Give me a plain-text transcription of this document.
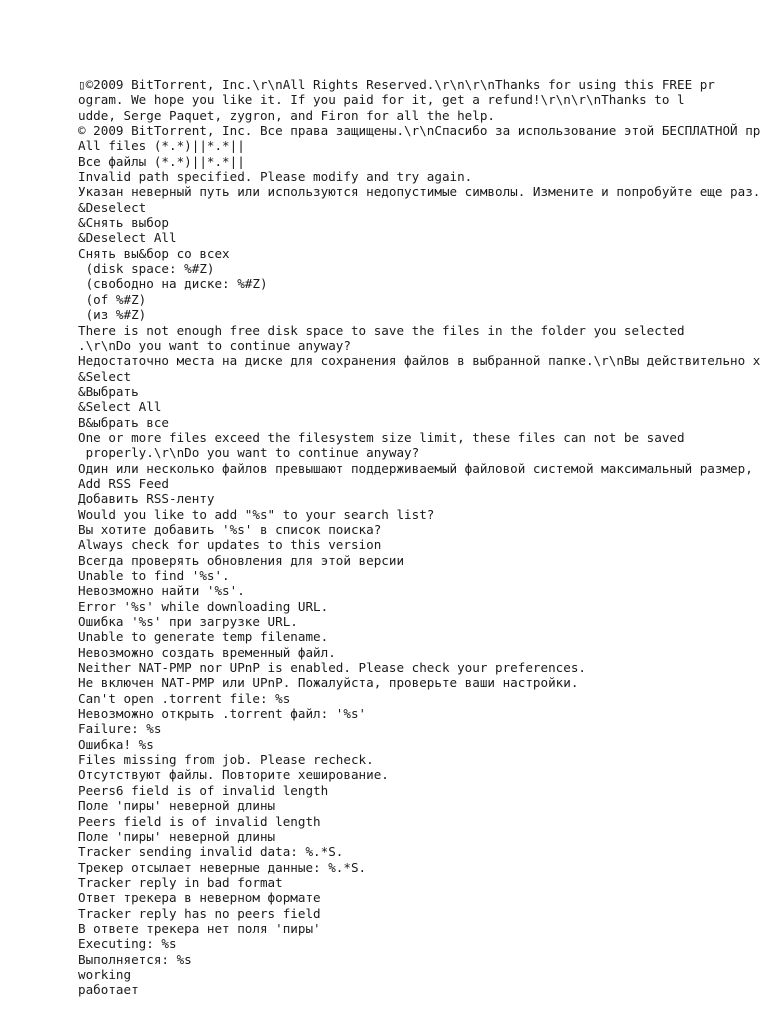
▯©2009 BitTorrent, Inc.\r\nAll Rights Reserved.\r\n\r\nThanks for using this FREE pr
ogram. We hope you like it. If you paid for it, get a refund!\r\n\r\nThanks to l
udde, Serge Paquet, zygron, and Firon for all the help.
© 2009 BitTorrent, Inc. Все права защищены.\r\nСпасибо за использование этой БЕСПЛАТНОЙ пр
All files (*.*)||*.*||
Все файлы (*.*)||*.*||
Invalid path specified. Please modify and try again.
Указан неверный путь или используются недопустимые символы. Измените и попробуйте еще раз.
&Deselect
&Снять выбор
&Deselect All
Снять вы&бор со всех
(disk space: %#Z)
(свободно на диске: %#Z)
(of %#Z)
(из %#Z)
There is not enough free disk space to save the files in the folder you selected
.\r\nDo you want to continue anyway?
Недостаточно места на диске для сохранения файлов в выбранной папке.\r\nВы действительно х
&Select
&Выбрать
&Select All
В&ыбрать все
One or more files exceed the filesystem size limit, these files can not be saved
properly.\r\nDo you want to continue anyway?
Один или несколько файлов превышают поддерживаемый файловой системой максимальный размер,
Add RSS Feed
Добавить RSS-ленту
Would you like to add "%s" to your search list?
Вы хотите добавить '%s' в список поиска?
Always check for updates to this version
Всегда проверять обновления для этой версии
Unable to find '%s'.
Невозможно найти '%s'.
Error '%s' while downloading URL.
Ошибка '%s' при загрузке URL.
Unable to generate temp filename.
Невозможно создать временный файл.
Neither NAT-PMP nor UPnP is enabled. Please check your preferences.
Не включен NAT-PMP или UPnP. Пожалуйста, проверьте ваши настройки.
Can't open .torrent file: %s
Невозможно открыть .torrent файл: '%s'
Failure: %s
Ошибка! %s
Files missing from job. Please recheck.
Отсутствуют файлы. Повторите хеширование.
Peers6 field is of invalid length
Поле 'пиры' неверной длины
Peers field is of invalid length
Поле 'пиры' неверной длины
Tracker sending invalid data: %.*S.
Трекер отсылает неверные данные: %.*S.
Tracker reply in bad format
Ответ трекера в неверном формате
Tracker reply has no peers field
В ответе трекера нет поля 'пиры'
Executing: %s
Выполняется: %s
working
работает
